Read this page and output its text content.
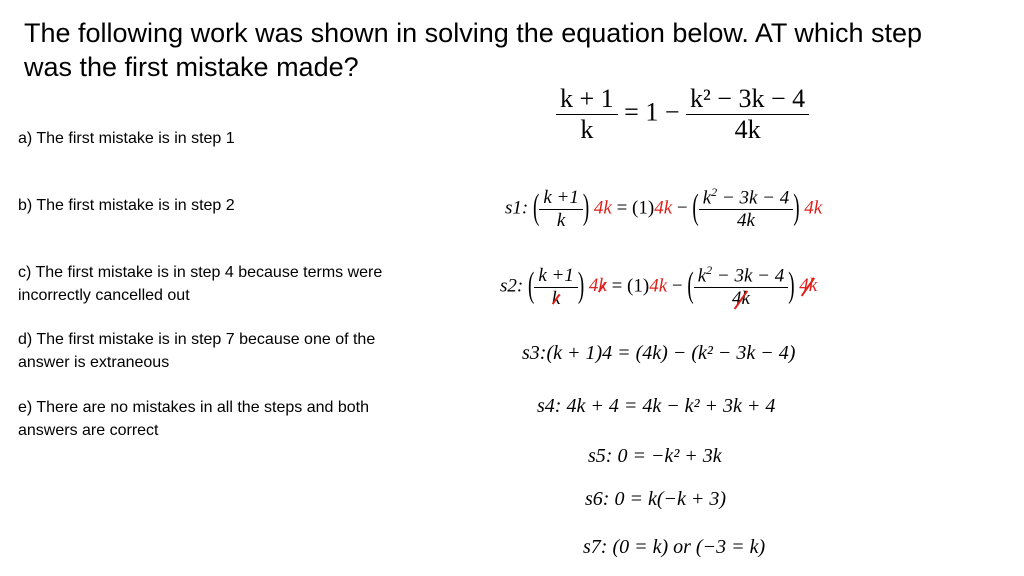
The following work was shown in solving the equation below. AT which step was the first mistake made?
a) The first mistake is in step 1
b) The first mistake is in step 2
c) The first mistake is in step 4 because terms were incorrectly cancelled out
d) The first mistake is in step 7 because one of the answer is extraneous
e) There are no mistakes in all the steps and both answers are correct
$\frac{k + 1}{k} = 1 - \frac{\text{k² − 3k − 4}}{4k}$
s1: ( $\frac{k +1}{k}$ ) 4k = (1)4k − ( $\frac{k^2 - 3k - 4}{4k}$ ) 4k
s2: ( $\frac{k +1}{k}$ ) 4k = (1)4k − ( $\frac{k^2 - 3k - 4}{4k}$ ) 4k
s3:(k + 1)4 = (4k) − (k² − 3k − 4)
s4: 4k + 4 = 4k − k² + 3k + 4
s5: 0 = −k² + 3k
s6: 0 = k(−k + 3)
s7: (0 = k) or (−3 = k)
